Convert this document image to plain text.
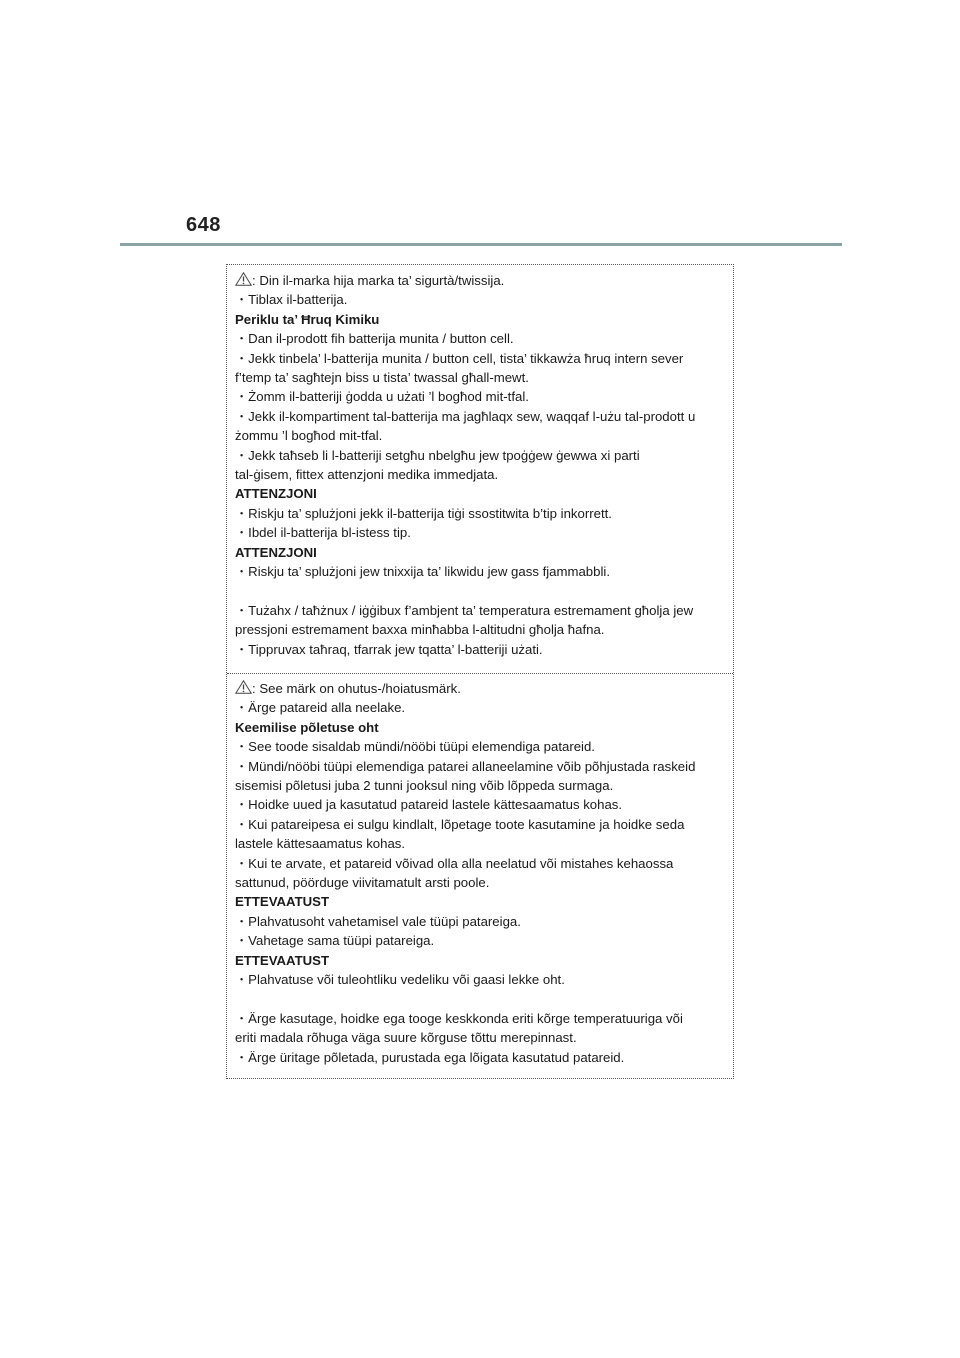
648
: Din il-marka hija marka ta’ sigurtà/twissija.
・Tiblax il-batterija.
Periklu ta’ Ħruq Kimiku
・Dan il-prodott fih batterija munita / button cell.
・Jekk tinbela’ l-batterija munita / button cell, tista’ tikkawża ħruq intern sever
f’temp ta’ sagħtejn biss u tista’ twassal għall-mewt.
・Żomm il-batteriji ġodda u użati ’l bogħod mit-tfal.
・Jekk il-kompartiment tal-batterija ma jagħlaqx sew, waqqaf l-użu tal-prodott u
żommu ’l bogħod mit-tfal.
・Jekk taħseb li l-batteriji setgħu nbelgħu jew tpoġġew ġewwa xi parti
tal-ġisem, fittex attenzjoni medika immedjata.
ATTENZJONI
・Riskju ta’ splużjoni jekk il-batterija tiġi ssostitwita b’tip inkorrett.
・Ibdel il-batterija bl-istess tip.
ATTENZJONI
・Riskju ta’ splużjoni jew tnixxija ta’ likwidu jew gass fjammabbli.
・Tużahx / taħżnux / iġġibux f’ambjent ta’ temperatura estremament għolja jew
pressjoni estremament baxxa minħabba l-altitudni għolja ħafna.
・Tippruvax taħraq, tfarrak jew tqatta’ l-batteriji użati.
: See märk on ohutus-/hoiatusmärk.
・Ärge patareid alla neelake.
Keemilise põletuse oht
・See toode sisaldab mündi/nööbi tüüpi elemendiga patareid.
・Mündi/nööbi tüüpi elemendiga patarei allaneelamine võib põhjustada raskeid
sisemisi põletusi juba 2 tunni jooksul ning võib lõppeda surmaga.
・Hoidke uued ja kasutatud patareid lastele kättesaamatus kohas.
・Kui patareipesa ei sulgu kindlalt, lõpetage toote kasutamine ja hoidke seda
lastele kättesaamatus kohas.
・Kui te arvate, et patareid võivad olla alla neelatud või mistahes kehaossa
sattunud, pöörduge viivitamatult arsti poole.
ETTEVAATUST
・Plahvatusoht vahetamisel vale tüüpi patareiga.
・Vahetage sama tüüpi patareiga.
ETTEVAATUST
・Plahvatuse või tuleohtliku vedeliku või gaasi lekke oht.
・Ärge kasutage, hoidke ega tooge keskkonda eriti kõrge temperatuuriga või
eriti madala rõhuga väga suure kõrguse tõttu merepinnast.
・Ärge üritage põletada, purustada ega lõigata kasutatud patareid.
